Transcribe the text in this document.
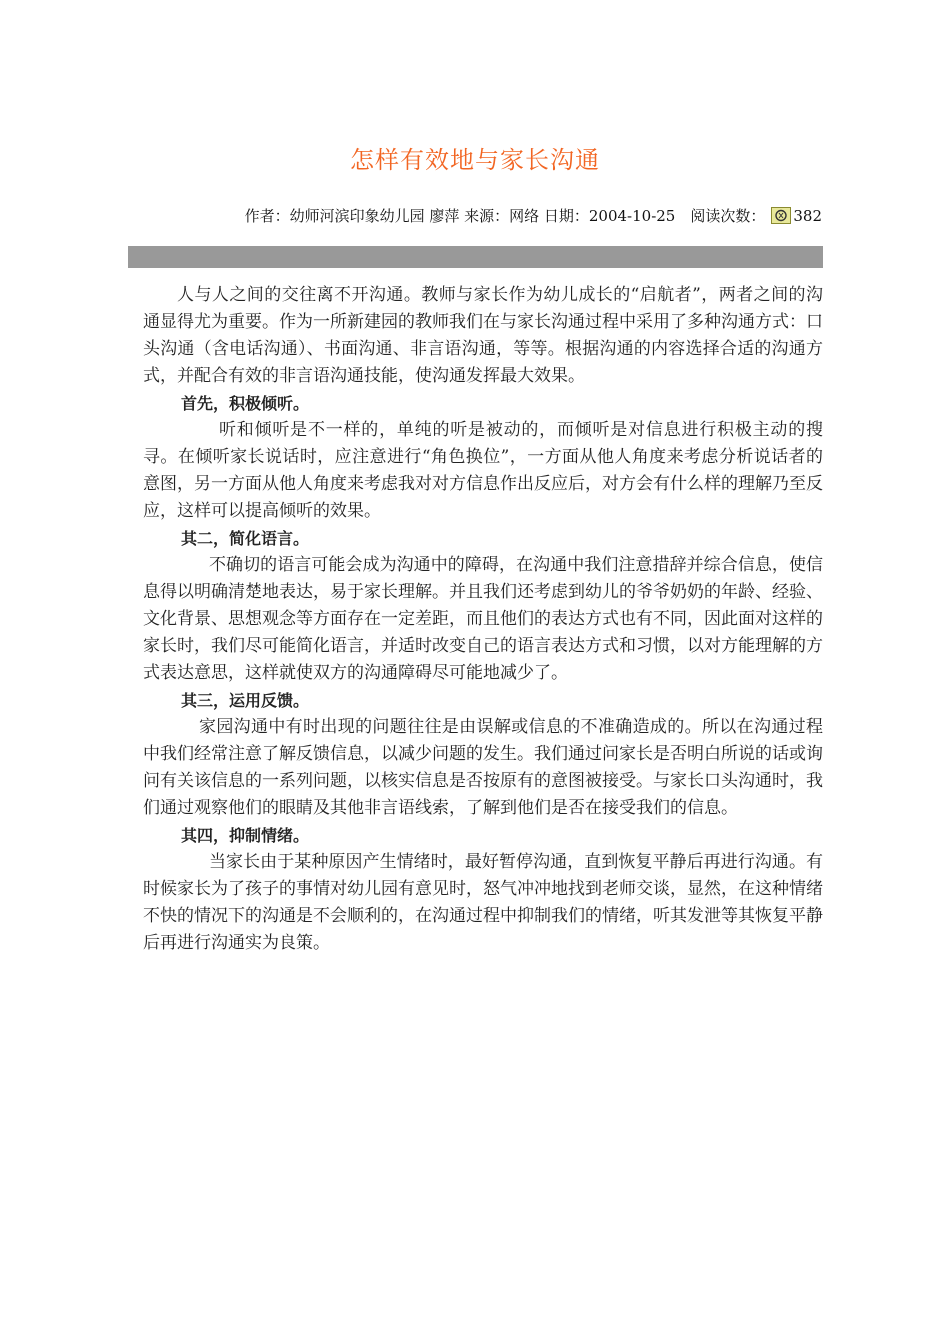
怎样有效地与家长沟通
作者：幼师河滨印象幼儿园 廖萍 来源：网络 日期：2004-10-25　阅读次数： 382

人与人之间的交往离不开沟通。教师与家长作为幼儿成长的“启航者”，两者之间的沟通显得尤为重要。作为一所新建园的教师我们在与家长沟通过程中采用了多种沟通方式：口头沟通（含电话沟通）、书面沟通、非言语沟通，等等。根据沟通的内容选择合适的沟通方式，并配合有效的非言语沟通技能，使沟通发挥最大效果。

首先，积极倾听。

听和倾听是不一样的，单纯的听是被动的，而倾听是对信息进行积极主动的搜寻。在倾听家长说话时，应注意进行“角色换位”，一方面从他人角度来考虑分析说话者的意图，另一方面从他人角度来考虑我对对方信息作出反应后，对方会有什么样的理解乃至反应，这样可以提高倾听的效果。

其二，简化语言。

不确切的语言可能会成为沟通中的障碍，在沟通中我们注意措辞并综合信息，使信息得以明确清楚地表达，易于家长理解。并且我们还考虑到幼儿的爷爷奶奶的年龄、经验、文化背景、思想观念等方面存在一定差距，而且他们的表达方式也有不同，因此面对这样的家长时，我们尽可能简化语言，并适时改变自己的语言表达方式和习惯，以对方能理解的方式表达意思，这样就使双方的沟通障碍尽可能地减少了。

其三，运用反馈。

家园沟通中有时出现的问题往往是由误解或信息的不准确造成的。所以在沟通过程中我们经常注意了解反馈信息，以减少问题的发生。我们通过问家长是否明白所说的话或询问有关该信息的一系列问题，以核实信息是否按原有的意图被接受。与家长口头沟通时，我们通过观察他们的眼睛及其他非言语线索，了解到他们是否在接受我们的信息。

其四，抑制情绪。

当家长由于某种原因产生情绪时，最好暂停沟通，直到恢复平静后再进行沟通。有时候家长为了孩子的事情对幼儿园有意见时，怒气冲冲地找到老师交谈，显然，在这种情绪不快的情况下的沟通是不会顺利的，在沟通过程中抑制我们的情绪，听其发泄等其恢复平静后再进行沟通实为良策。
